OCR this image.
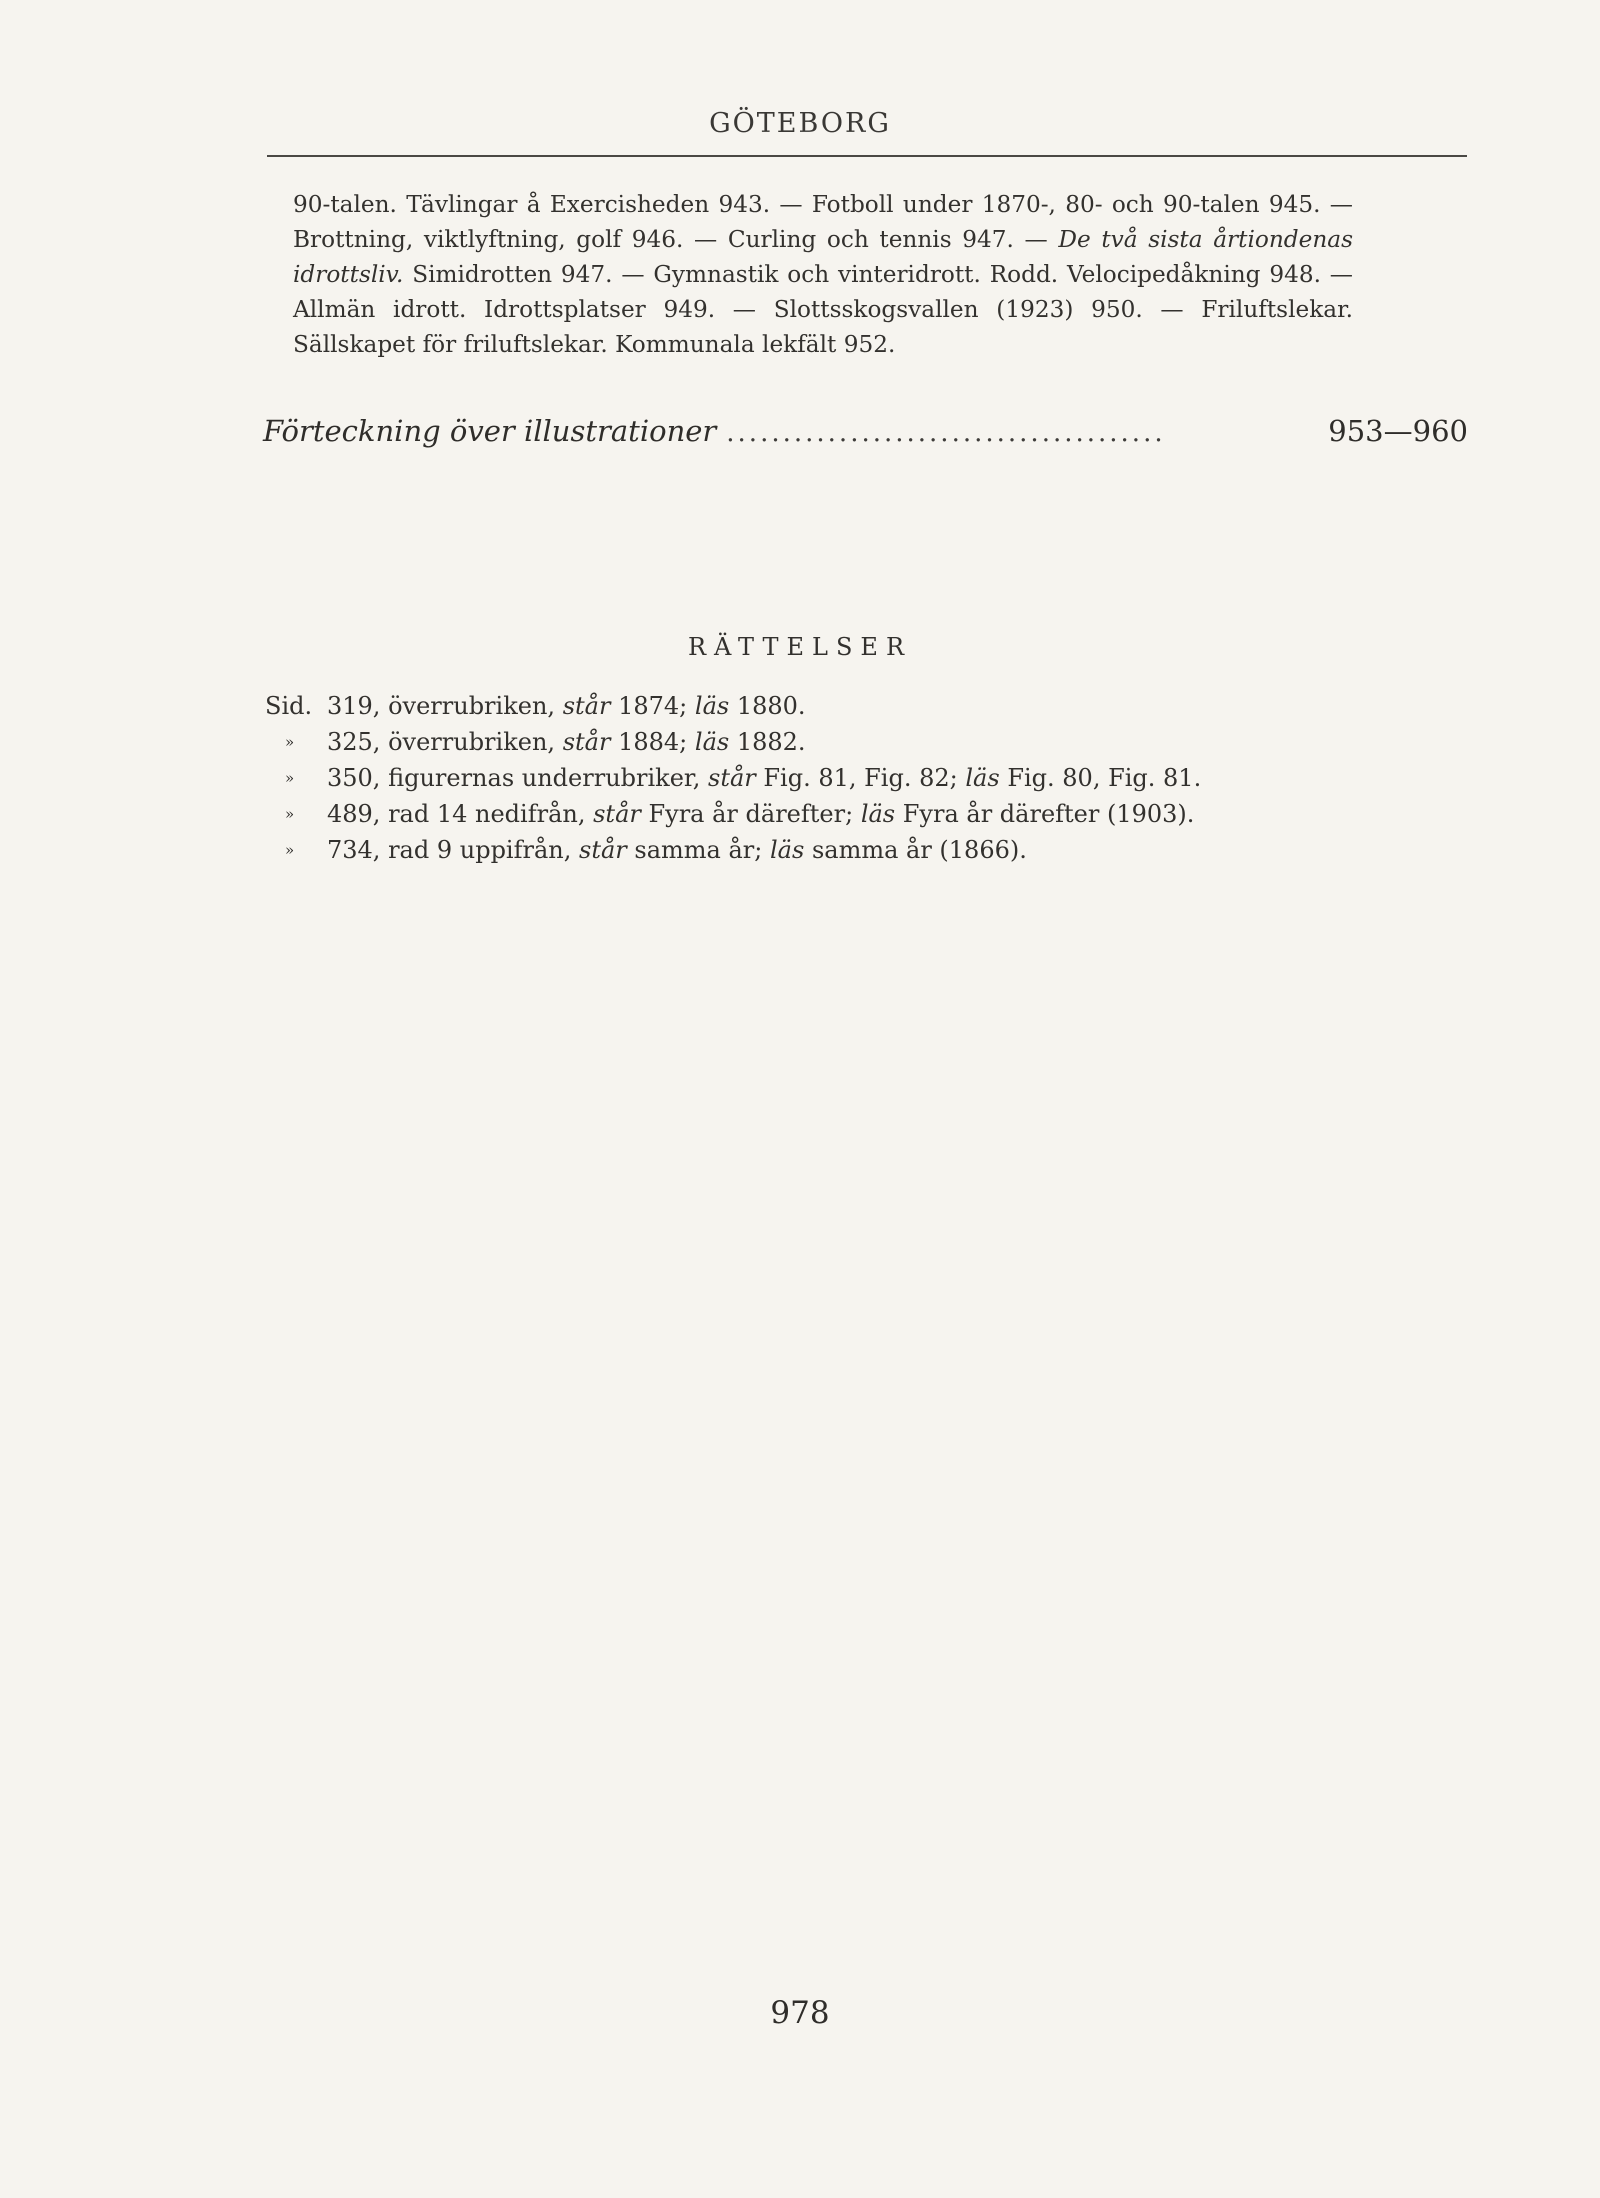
GÖTEBORG
90-talen. Tävlingar å Exercisheden 943. — Fotboll under 1870-, 80- och 90-talen 945. — Brottning, viktlyftning, golf 946. — Curling och tennis 947. — De två sista årtiondenas idrottsliv. Simidrotten 947. — Gymnastik och vinteridrott. Rodd. Velocipedåkning 948. — Allmän idrott. Idrottsplatser 949. — Slottsskogsvallen (1923) 950. — Friluftslekar. Sällskapet för friluftslekar. Kommunala lekfält 952.
Förteckning över illustrationer .......................................	953—960
RÄTTELSER
Sid. 319, överrubriken, står 1874; läs 1880.
»	325, överrubriken, står 1884; läs 1882.
»	350, figurernas underrubriker, står Fig. 81, Fig. 82; läs Fig. 80, Fig. 81.
»	489, rad 14 nedifrån, står Fyra år därefter; läs Fyra år därefter (1903).
»	734, rad 9 uppifrån, står samma år; läs samma år (1866).
978
